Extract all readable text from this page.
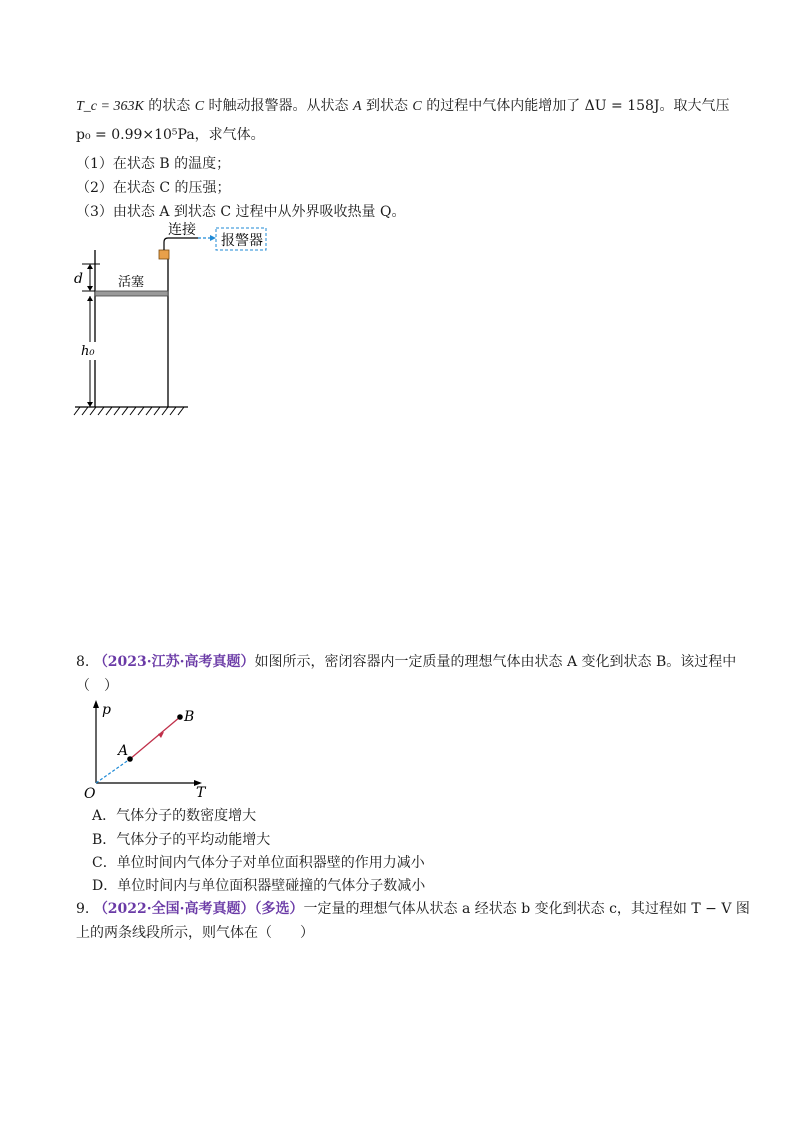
T_c = 363K 的状态 C 时触动报警器。从状态 A 到状态 C 的过程中气体内能增加了 ΔU = 158J。取大气压
p₀ = 0.99×10⁵Pa，求气体。
（1）在状态 B 的温度；
（2）在状态 C 的压强；
（3）由状态 A 到状态 C 过程中从外界吸收热量 Q。
活塞
连接
报警器
d
h₀
8. （2023·江苏·高考真题）如图所示，密闭容器内一定质量的理想气体由状态 A 变化到状态 B。该过程中
（　）
p
T
O
A
B
A．气体分子的数密度增大
B．气体分子的平均动能增大
C．单位时间内气体分子对单位面积器壁的作用力减小
D．单位时间内与单位面积器壁碰撞的气体分子数减小
9. （2022·全国·高考真题）（多选）一定量的理想气体从状态 a 经状态 b 变化到状态 c，其过程如 T − V 图
上的两条线段所示，则气体在（　　）
